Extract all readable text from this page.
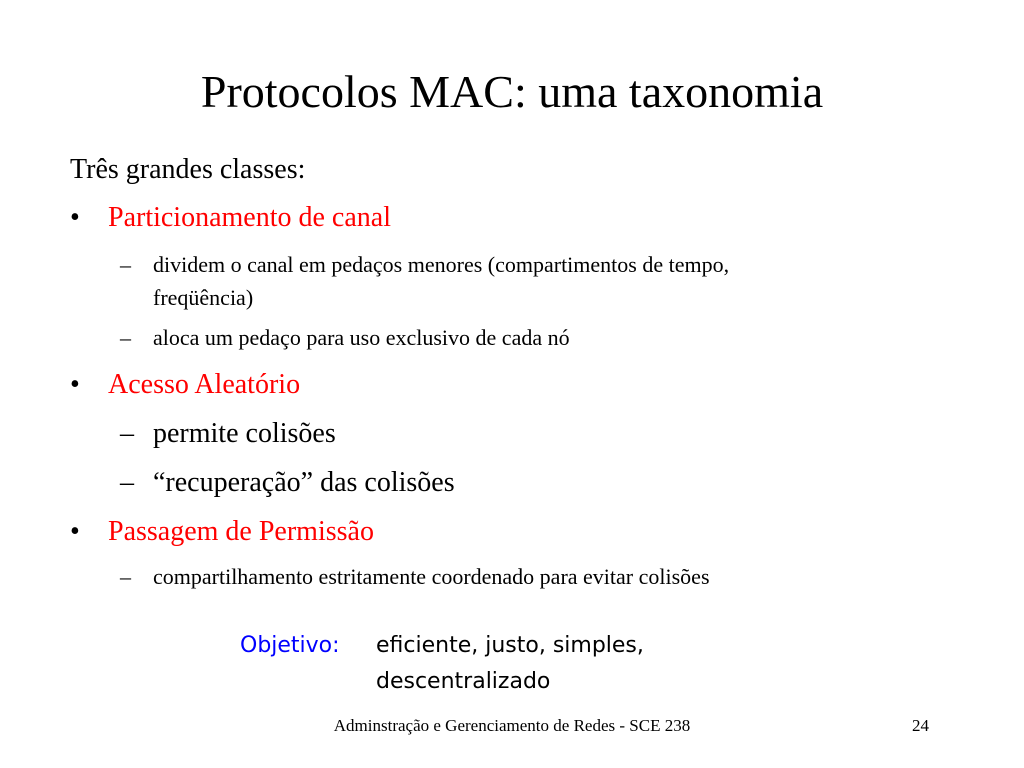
Protocolos MAC: uma taxonomia
Três grandes classes:
• Particionamento de canal
– dividem o canal em pedaços menores (compartimentos de tempo,
freqüência)
– aloca um pedaço para uso exclusivo de cada nó
• Acesso Aleatório
– permite colisões
– “recuperação” das colisões
• Passagem de Permissão
– compartilhamento estritamente coordenado para evitar colisões
Objetivo: eficiente, justo, simples,
descentralizado
Adminstração e Gerenciamento de Redes - SCE 238	24
